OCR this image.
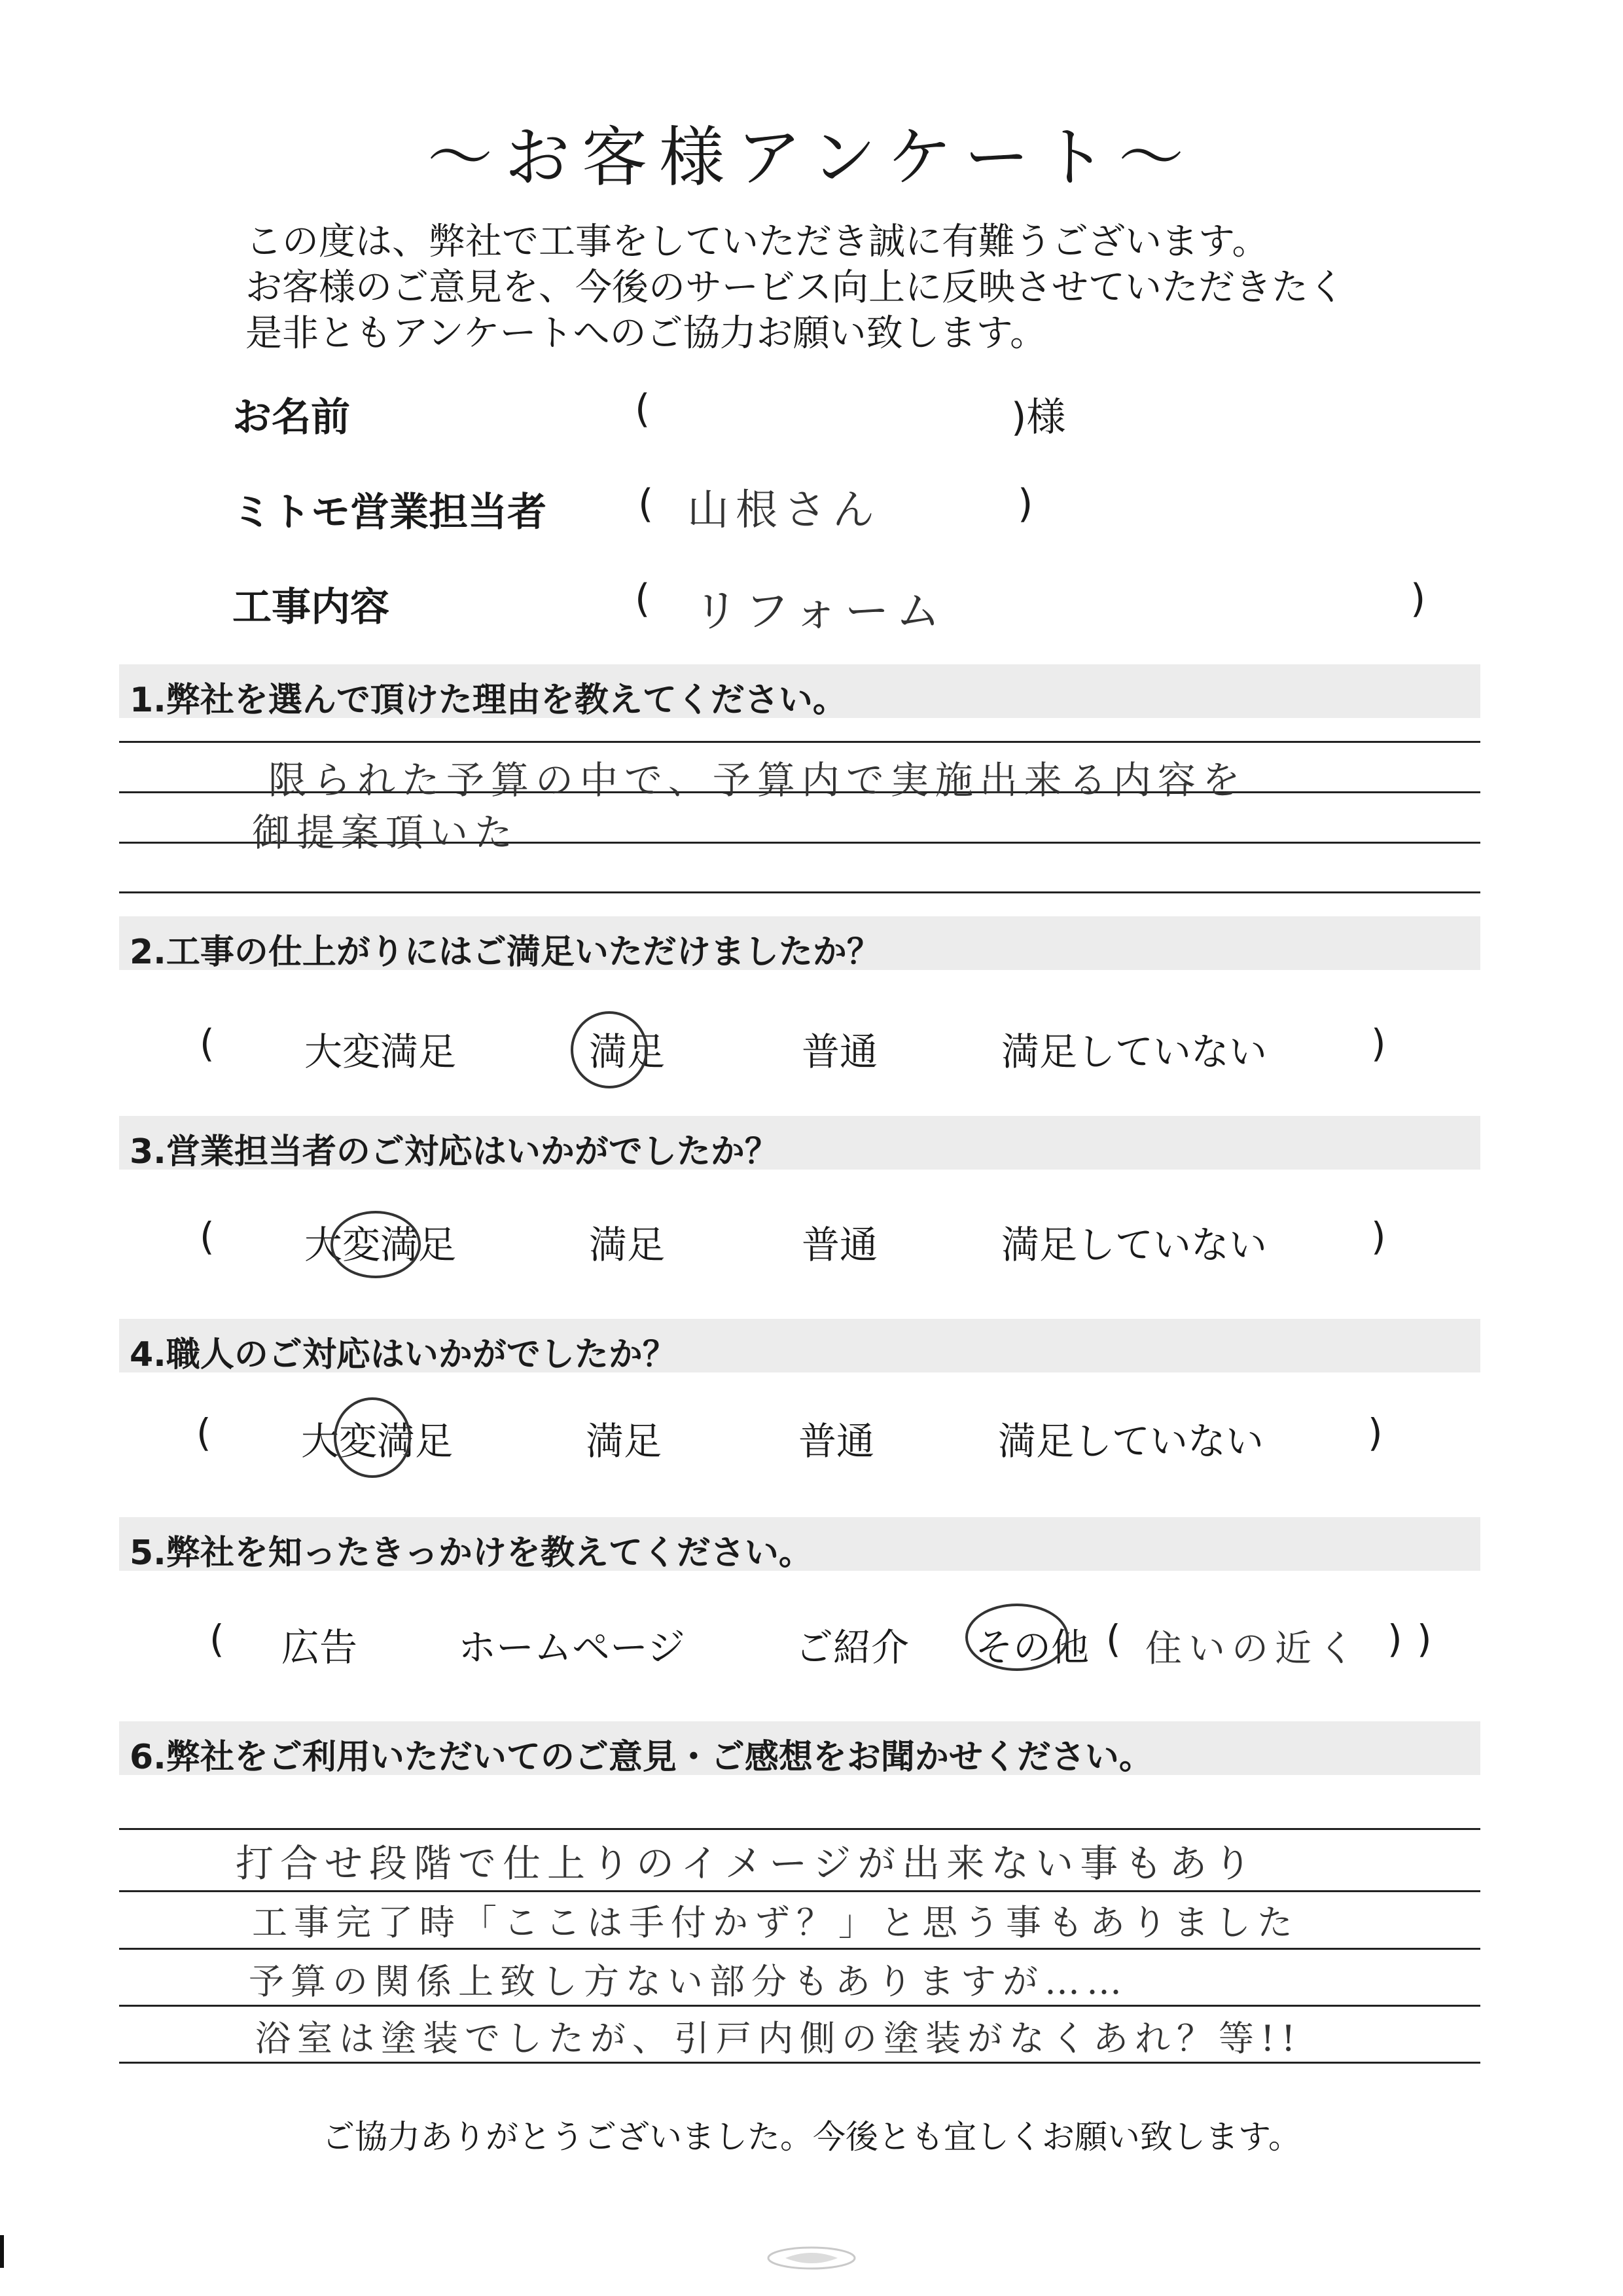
～お客様アンケート～
この度は、弊社で工事をしていただき誠に有難うございます。
お客様のご意見を、今後のサービス向上に反映させていただきたく
是非ともアンケートへのご協力お願い致します。
お名前	(	)様
ミトモ営業担当者 ( 山根さん	)
工事内容	( リフォーム	)
1.弊社を選んで頂けた理由を教えてください。
限られた予算の中で、予算内で実施出来る内容を
御提案頂いた
2.工事の仕上がりにはご満足いただけましたか？
( 大変満足	満足	普通	満足していない	)
3.営業担当者のご対応はいかがでしたか？
( 大変満足	満足	普通	満足していない	)
4.職人のご対応はいかがでしたか？
( 大変満足	満足	普通	満足していない	)
5.弊社を知ったきっかけを教えてください。
( 広告	ホームページ	ご紹介 その他 ( 住いの近く ) )
6.弊社をご利用いただいてのご意見・ご感想をお聞かせください。
打合せ段階で仕上りのイメージが出来ない事もあり
工事完了時「ここは手付かず？」と思う事もありました
予算の関係上致し方ない部分もありますが……
浴室は塗装でしたが、引戸内側の塗装がなくあれ？等!!
ご協力ありがとうございました。今後とも宜しくお願い致します。
